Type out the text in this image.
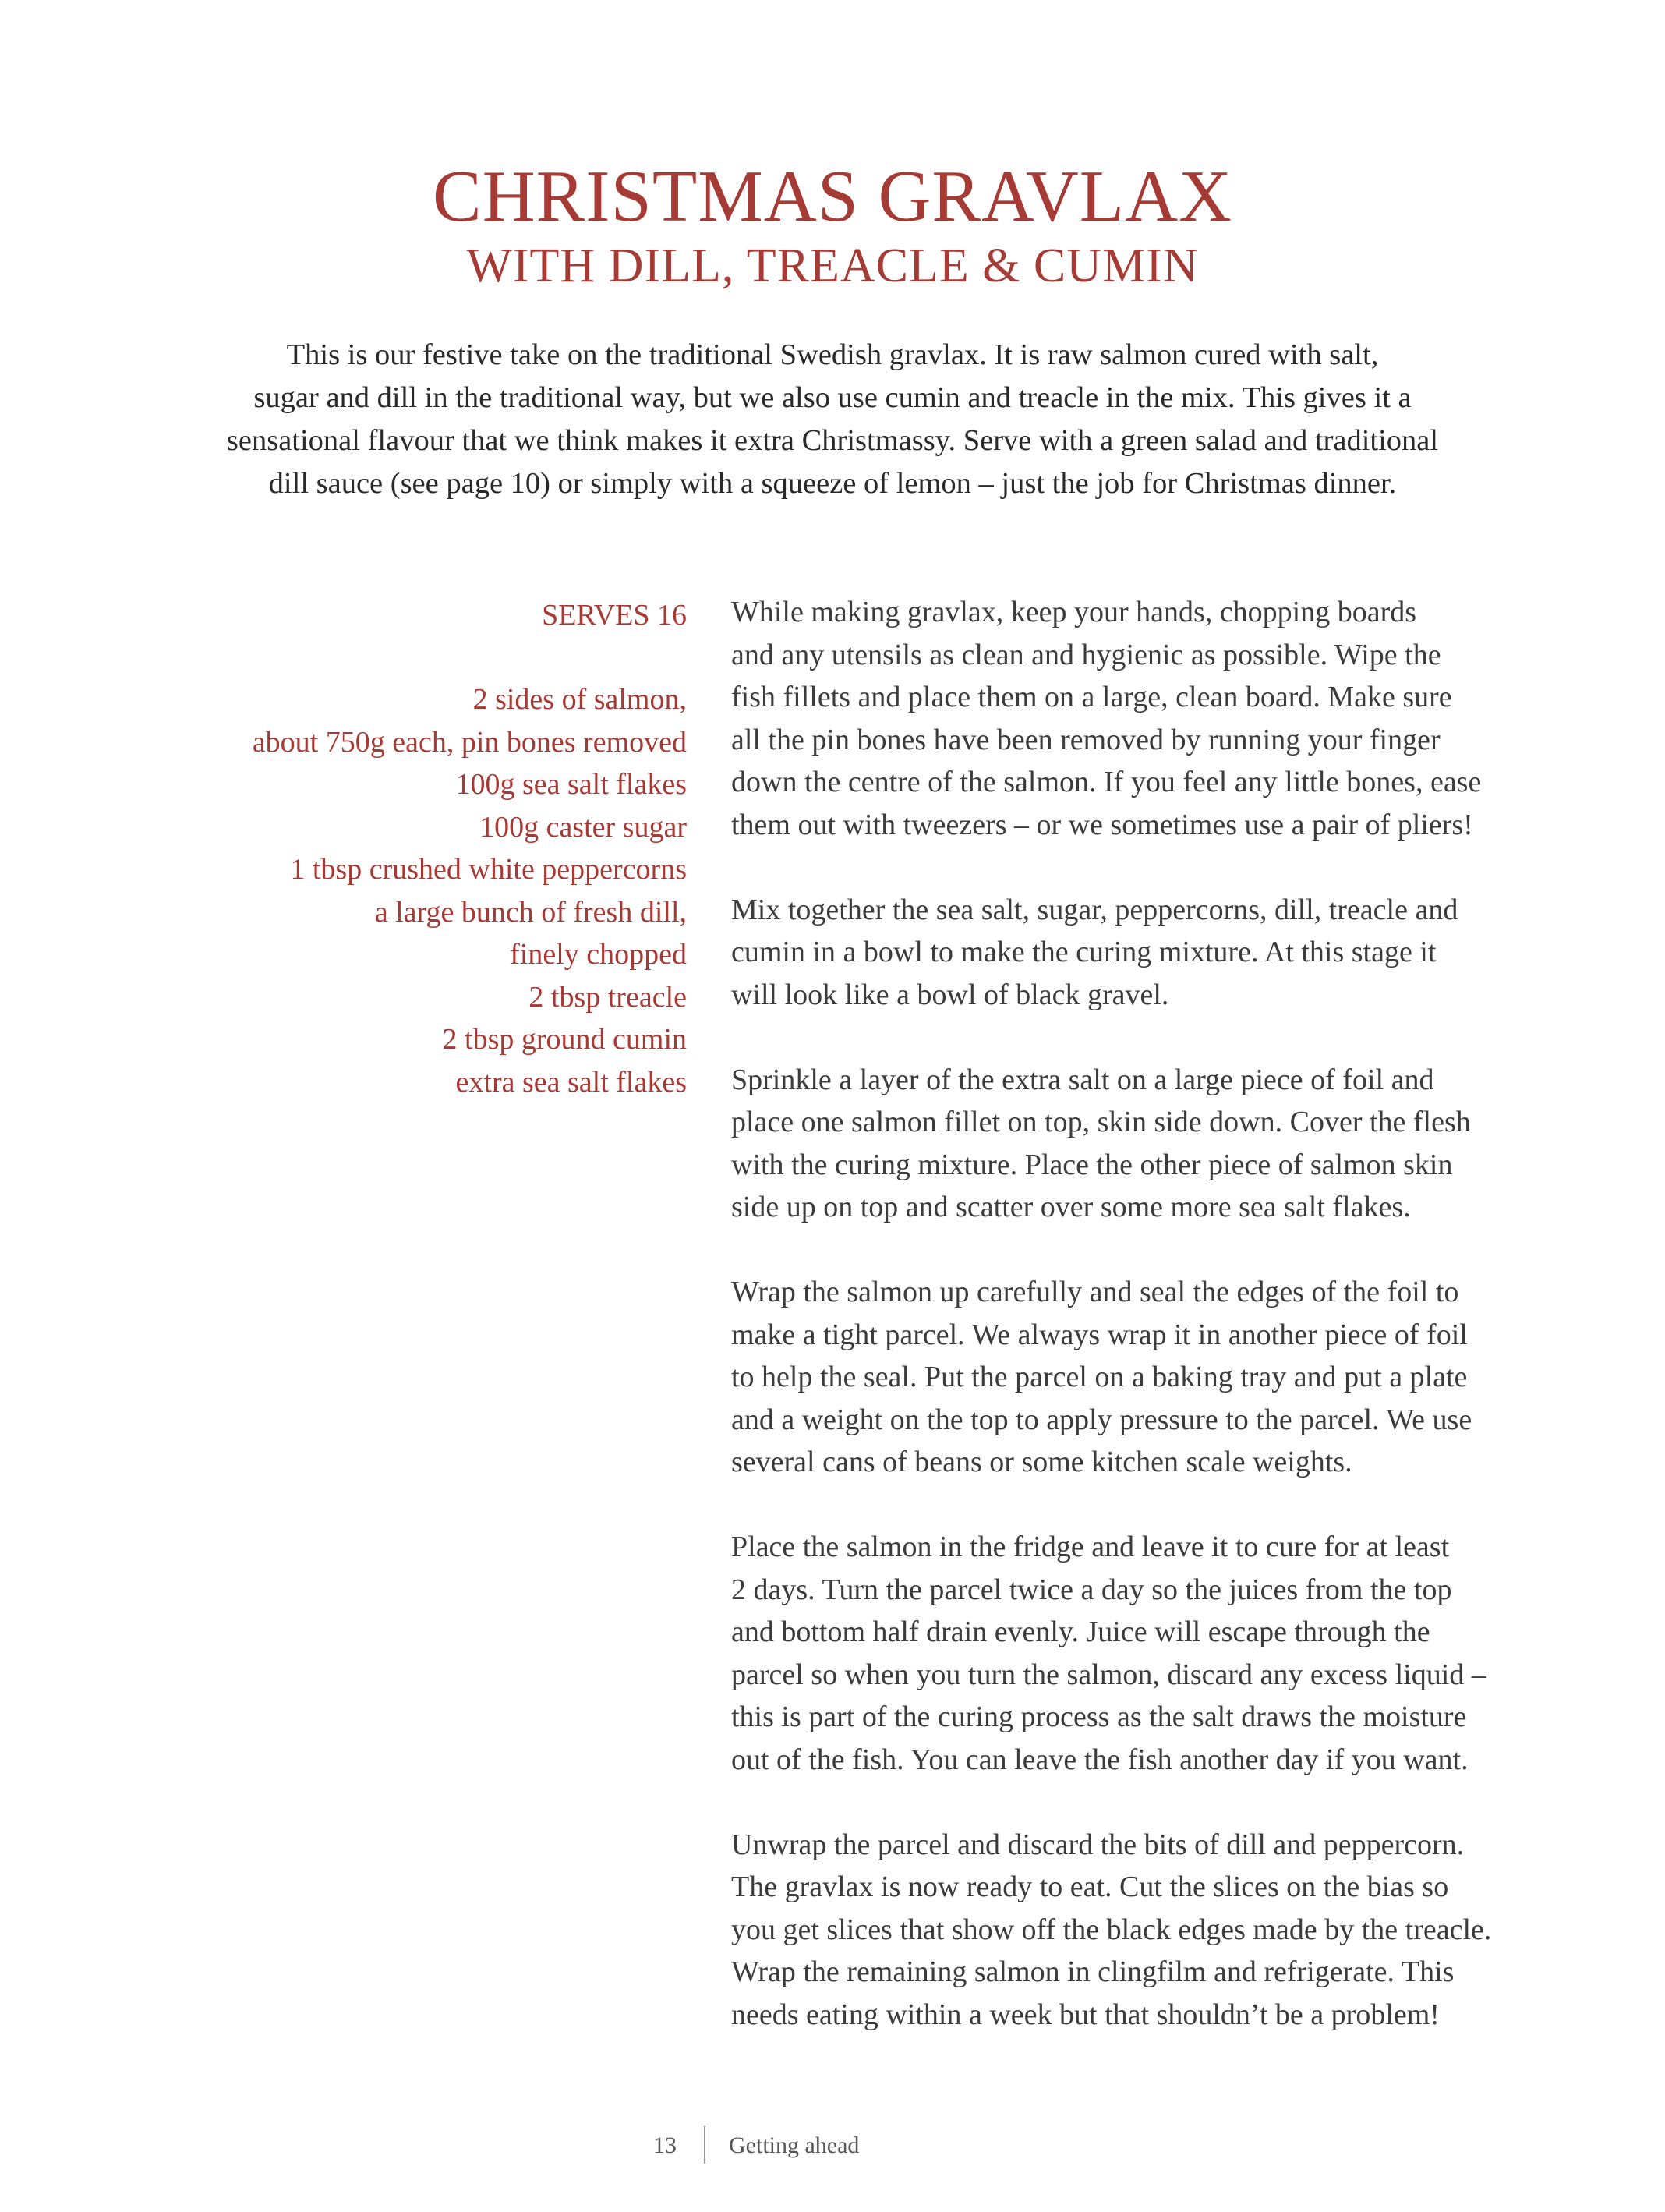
CHRISTMAS GRAVLAX
WITH DILL, TREACLE & CUMIN

This is our festive take on the traditional Swedish gravlax. It is raw salmon cured with salt,
sugar and dill in the traditional way, but we also use cumin and treacle in the mix. This gives it a
sensational flavour that we think makes it extra Christmassy. Serve with a green salad and traditional
dill sauce (see page 10) or simply with a squeeze of lemon – just the job for Christmas dinner.

SERVES 16
2 sides of salmon,
about 750g each, pin bones removed
100g sea salt flakes
100g caster sugar
1 tbsp crushed white peppercorns
a large bunch of fresh dill,
finely chopped
2 tbsp treacle
2 tbsp ground cumin
extra sea salt flakes

While making gravlax, keep your hands, chopping boards
and any utensils as clean and hygienic as possible. Wipe the
fish fillets and place them on a large, clean board. Make sure
all the pin bones have been removed by running your finger
down the centre of the salmon. If you feel any little bones, ease
them out with tweezers – or we sometimes use a pair of pliers!

Mix together the sea salt, sugar, peppercorns, dill, treacle and
cumin in a bowl to make the curing mixture. At this stage it
will look like a bowl of black gravel.

Sprinkle a layer of the extra salt on a large piece of foil and
place one salmon fillet on top, skin side down. Cover the flesh
with the curing mixture. Place the other piece of salmon skin
side up on top and scatter over some more sea salt flakes.

Wrap the salmon up carefully and seal the edges of the foil to
make a tight parcel. We always wrap it in another piece of foil
to help the seal. Put the parcel on a baking tray and put a plate
and a weight on the top to apply pressure to the parcel. We use
several cans of beans or some kitchen scale weights.

Place the salmon in the fridge and leave it to cure for at least
2 days. Turn the parcel twice a day so the juices from the top
and bottom half drain evenly. Juice will escape through the
parcel so when you turn the salmon, discard any excess liquid –
this is part of the curing process as the salt draws the moisture
out of the fish. You can leave the fish another day if you want.

Unwrap the parcel and discard the bits of dill and peppercorn.
The gravlax is now ready to eat. Cut the slices on the bias so
you get slices that show off the black edges made by the treacle.
Wrap the remaining salmon in clingfilm and refrigerate. This
needs eating within a week but that shouldn’t be a problem!

13 Getting ahead
